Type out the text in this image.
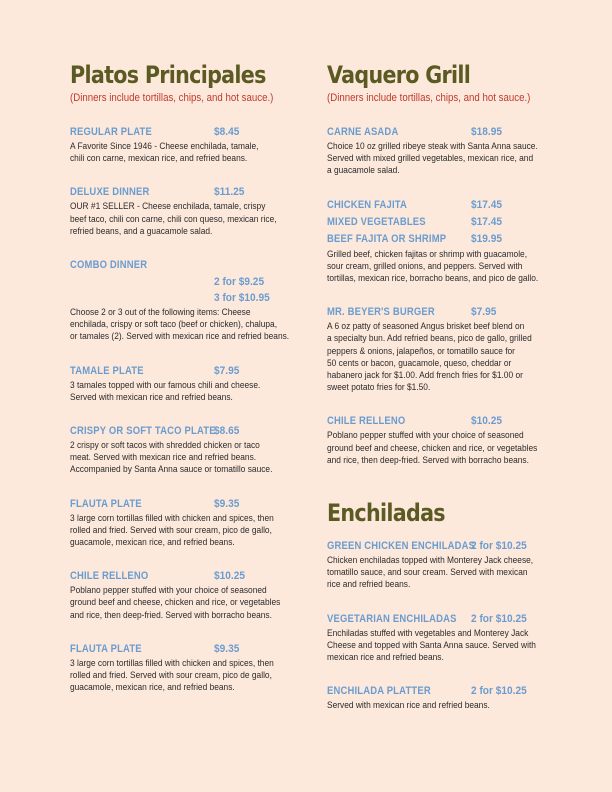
Platos Principales

(Dinners include tortillas, chips, and hot sauce.)

REGULAR PLATE	$8.45

A Favorite Since 1946 - Cheese enchilada, tamale,
chili con carne, mexican rice, and refried beans.

DELUXE DINNER	$11.25

OUR #1 SELLER - Cheese enchilada, tamale, crispy
beef taco, chili con carne, chili con queso, mexican rice,
refried beans, and a guacamole salad.

COMBO DINNER
2 for $9.25
3 for $10.95

Choose 2 or 3 out of the following items: Cheese
enchilada, crispy or soft taco (beef or chicken), chalupa,
or tamales (2). Served with mexican rice and refried beans.

TAMALE PLATE	$7.95

3 tamales topped with our famous chili and cheese.
Served with mexican rice and refried beans.

CRISPY OR SOFT TACO PLATE
$8.65

2 crispy or soft tacos with shredded chicken or taco
meat. Served with mexican rice and refried beans.
Accompanied by Santa Anna sauce or tomatillo sauce.

FLAUTA PLATE	$9.35

3 large corn tortillas filled with chicken and spices, then
rolled and fried. Served with sour cream, pico de gallo,
guacamole, mexican rice, and refried beans.

CHILE RELLENO	$10.25

Poblano pepper stuffed with your choice of seasoned
ground beef and cheese, chicken and rice, or vegetables
and rice, then deep-fried. Served with borracho beans.

FLAUTA PLATE	$9.35

3 large corn tortillas filled with chicken and spices, then
rolled and fried. Served with sour cream, pico de gallo,
guacamole, mexican rice, and refried beans.

Vaquero Grill

(Dinners include tortillas, chips, and hot sauce.)

CARNE ASADA	$18.95

Choice 10 oz grilled ribeye steak with Santa Anna sauce.
Served with mixed grilled vegetables, mexican rice, and
a guacamole salad.

CHICKEN FAJITA	$17.45
MIXED VEGETABLES	$17.45
BEEF FAJITA OR SHRIMP $19.95

Grilled beef, chicken fajitas or shrimp with guacamole,
sour cream, grilled onions, and peppers. Served with
tortillas, mexican rice, borracho beans, and pico de gallo.

MR. BEYER'S BURGER	$7.95

A 6 oz patty of seasoned Angus brisket beef blend on
a specialty bun. Add refried beans, pico de gallo, grilled
peppers & onions, jalapeños, or tomatillo sauce for
50 cents or bacon, guacamole, queso, cheddar or
habanero jack for $1.00. Add french fries for $1.00 or
sweet potato fries for $1.50.

CHILE RELLENO	$10.25

Poblano pepper stuffed with your choice of seasoned
ground beef and cheese, chicken and rice, or vegetables
and rice, then deep-fried. Served with borracho beans.

Enchiladas
GREEN CHICKEN ENCHILADAS
2 for $10.25

Chicken enchiladas topped with Monterey Jack cheese,
tomatillo sauce, and sour cream. Served with mexican
rice and refried beans.

VEGETARIAN ENCHILADAS 2 for $10.25

Enchiladas stuffed with vegetables and Monterey Jack
Cheese and topped with Santa Anna sauce. Served with
mexican rice and refried beans.

ENCHILADA PLATTER	2 for $10.25

Served with mexican rice and refried beans.
